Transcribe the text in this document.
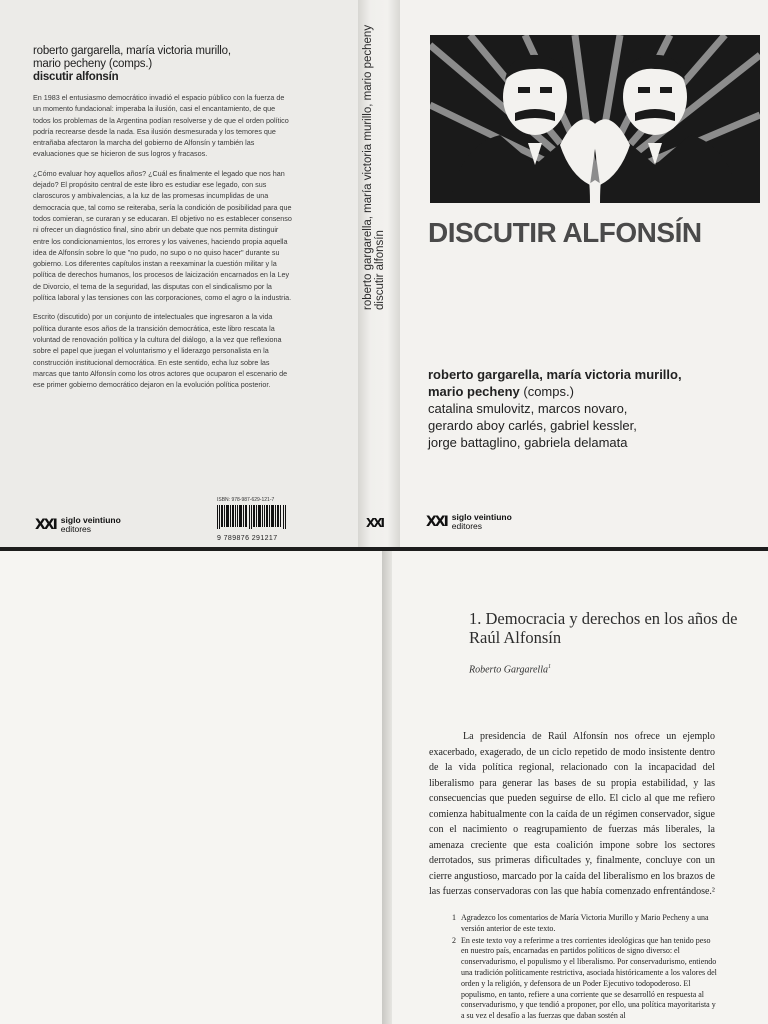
roberto gargarella, maría victoria murillo,
mario pecheny (comps.)
discutir alfonsín

En 1983 el entusiasmo democrático invadió el espacio público con la fuerza de un momento fundacional: imperaba la ilusión, casi el encantamiento, de que todos los problemas de la Argentina podían resolverse y de que el orden político podría recrearse desde la nada. Esa ilusión desmesurada y los temores que entrañaba afectaron la marcha del gobierno de Alfonsín y también las evaluaciones que se hicieron de sus logros y fracasos.

¿Cómo evaluar hoy aquellos años? ¿Cuál es finalmente el legado que nos han dejado? El propósito central de este libro es estudiar ese legado, con sus claroscuros y ambivalencias, a la luz de las promesas incumplidas de una democracia que, tal como se reiteraba, sería la condición de posibilidad para que todos comieran, se curaran y se educaran. El objetivo no es establecer consenso ni ofrecer un diagnóstico final, sino abrir un debate que nos permita distinguir entre los condicionamientos, los errores y los vaivenes, haciendo propia aquella idea de Alfonsín sobre lo que "no pudo, no supo o no quiso hacer" durante su gobierno. Los diferentes capítulos instan a reexaminar la cuestión militar y la política de derechos humanos, los procesos de laicización encarnados en la Ley de Divorcio, el tema de la seguridad, las disputas con el sindicalismo por la política laboral y las tensiones con las corporaciones, como el agro o la industria.

Escrito (discutido) por un conjunto de intelectuales que ingresaron a la vida política durante esos años de la transición democrática, este libro rescata la voluntad de renovación política y la cultura del diálogo, a la vez que reflexiona sobre el papel que juegan el voluntarismo y el liderazgo personalista en la construcción institucional democrática. En este sentido, echa luz sobre las marcas que tanto Alfonsín como los otros actores que ocuparon el escenario de ese primer gobierno democrático dejaron en la evolución política posterior.

ISBN: 978-987-629-121-7
9 789876 291217
XXI siglo veintiuno
editores
roberto gargarella, maría victoria murillo, mario pecheny discutir alfonsín
XXI
DISCUTIR ALFONSÍN
roberto gargarella, maría victoria murillo,
mario pecheny (comps.)
catalina smulovitz, marcos novaro,
gerardo aboy carlés, gabriel kessler,
jorge battaglino, gabriela delamata
XXI siglo veintiuno
editores
1. Democracia y derechos en los años de Raúl Alfonsín
Roberto Gargarella$^1$
La presidencia de Raúl Alfonsín nos ofrece un ejemplo exacerbado, exagerado, de un ciclo repetido de modo insistente dentro de la vida política regional, relacionado con la incapacidad del liberalismo para generar las bases de su propia estabilidad, y las consecuencias que pueden seguirse de ello. El ciclo al que me refiero comienza habitualmente con la caída de un régimen conservador, sigue con el nacimiento o reagrupamiento de fuerzas más liberales, la amenaza creciente que esta coalición impone sobre los sectores derrotados, sus primeras dificultades y, finalmente, concluye con un cierre angustioso, marcado por la caída del liberalismo en los brazos de las fuerzas conservadoras con las que había comenzado enfrentándose.²
1 Agradezco los comentarios de María Victoria Murillo y Mario Pecheny a una versión anterior de este texto.
2 En este texto voy a referirme a tres corrientes ideológicas que han tenido peso en nuestro país, encarnadas en partidos políticos de signo diverso: el conservadurismo, el populismo y el liberalismo. Por conservadurismo, entiendo una tradición políticamente restrictiva, asociada históricamente a los valores del orden y la religión, y defensora de un Poder Ejecutivo todopoderoso. El populismo, en tanto, refiere a una corriente que se desarrolló en respuesta al conservadurismo, y que tendió a proponer, por ello, una política mayoritarista y a su vez el desafío a las fuerzas que daban sostén al
